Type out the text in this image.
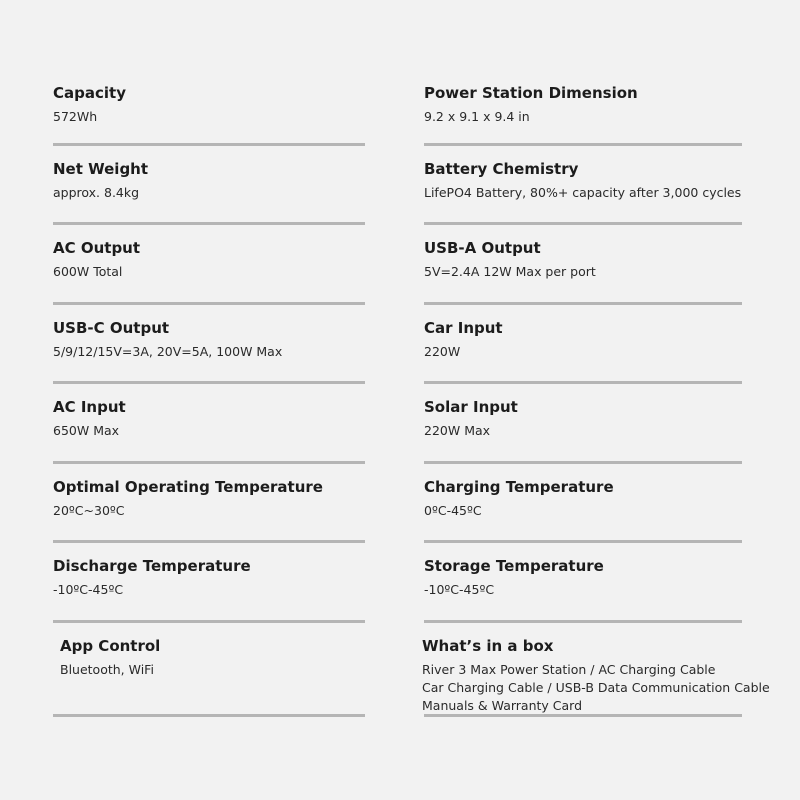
Capacity
572Wh
Net Weight
approx. 8.4kg
AC Output
600W Total
USB-C Output
5/9/12/15V=3A, 20V=5A, 100W Max
AC Input
650W Max
Optimal Operating Temperature
20ºC~30ºC
Discharge Temperature
-10ºC-45ºC
App Control
Bluetooth, WiFi
Power Station Dimension
9.2 x 9.1 x 9.4 in
Battery Chemistry
LifePO4 Battery, 80%+ capacity after 3,000 cycles
USB-A Output
5V=2.4A 12W Max per port
Car Input
220W
Solar Input
220W Max
Charging Temperature
0ºC-45ºC
Storage Temperature
-10ºC-45ºC
What’s in a box
River 3 Max Power Station / AC Charging Cable
Car Charging Cable / USB-B Data Communication Cable
Manuals & Warranty Card
